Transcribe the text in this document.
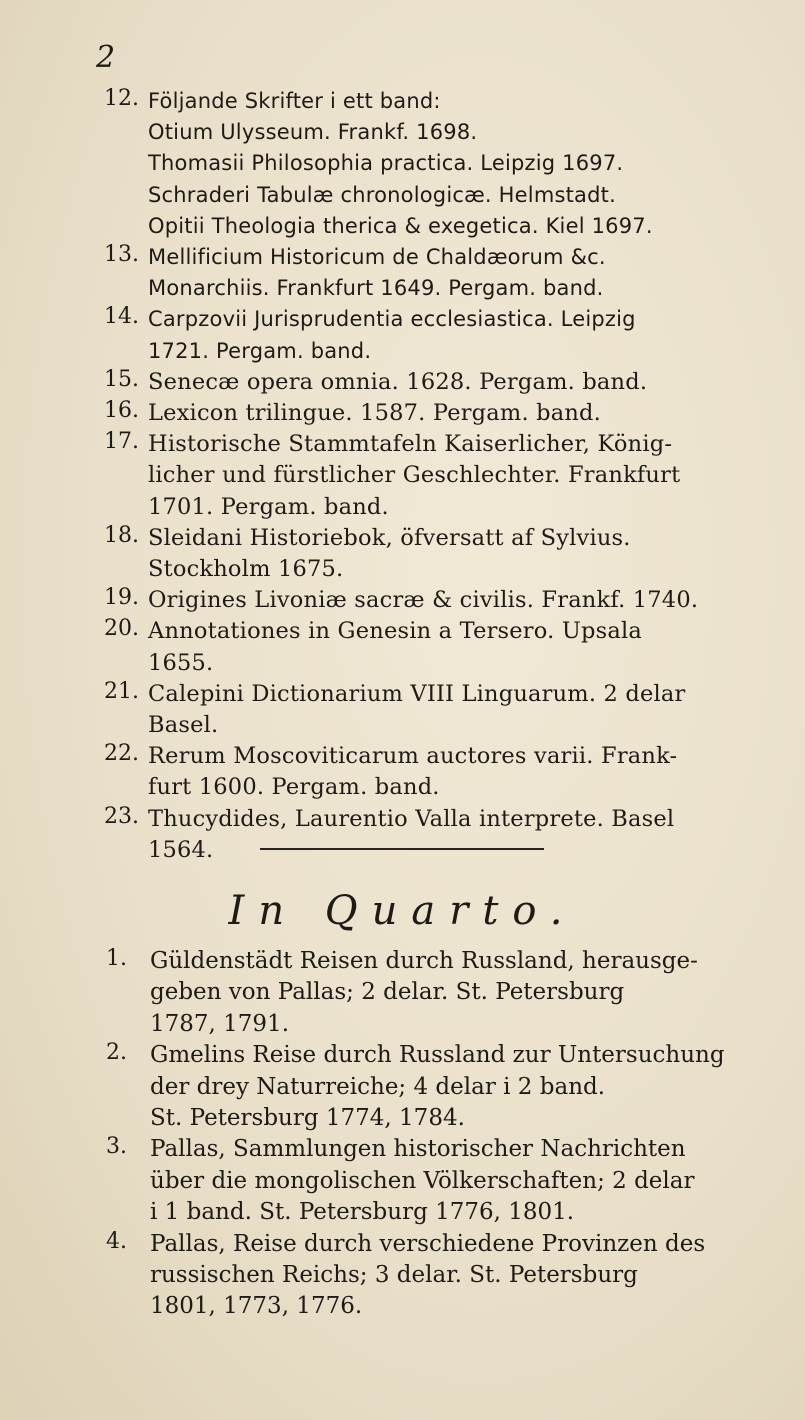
2
12. Följande Skrifter i ett band:
Otium Ulysseum. Frankf. 1698.
Thomasii Philosophia practica. Leipzig 1697.
Schraderi Tabulæ chronologicæ. Helmstadt.
Opitii Theologia therica & exegetica. Kiel 1697.
13. Mellificium Historicum de Chaldæorum &c.
Monarchiis. Frankfurt 1649. Pergam. band.
14. Carpzovii Jurisprudentia ecclesiastica. Leipzig
1721. Pergam. band.
15. Senecæ opera omnia. 1628. Pergam. band.
16. Lexicon trilingue. 1587. Pergam. band.
17. Historische Stammtafeln Kaiserlicher, König-
licher und fürstlicher Geschlechter. Frankfurt
1701. Pergam. band.
18. Sleidani Historiebok, öfversatt af Sylvius.
Stockholm 1675.
19. Origines Livoniæ sacræ & civilis. Frankf. 1740.
20. Annotationes in Genesin a Tersero. Upsala
1655.
21. Calepini Dictionarium VIII Linguarum. 2 delar
Basel.
22. Rerum Moscoviticarum auctores varii. Frank-
furt 1600. Pergam. band.
23. Thucydides, Laurentio Valla interprete. Basel
1564.
In Quarto.
1.	Güldenstädt Reisen durch Russland, herausge-
geben von Pallas; 2 delar. St. Petersburg
1787, 1791.
2.	Gmelins Reise durch Russland zur Untersuchung
der drey Naturreiche; 4 delar i 2 band.
St. Petersburg 1774, 1784.
3.	Pallas, Sammlungen historischer Nachrichten
über die mongolischen Völkerschaften; 2 delar
i 1 band. St. Petersburg 1776, 1801.
4.	Pallas, Reise durch verschiedene Provinzen des
russischen Reichs; 3 delar. St. Petersburg
1801, 1773, 1776.
